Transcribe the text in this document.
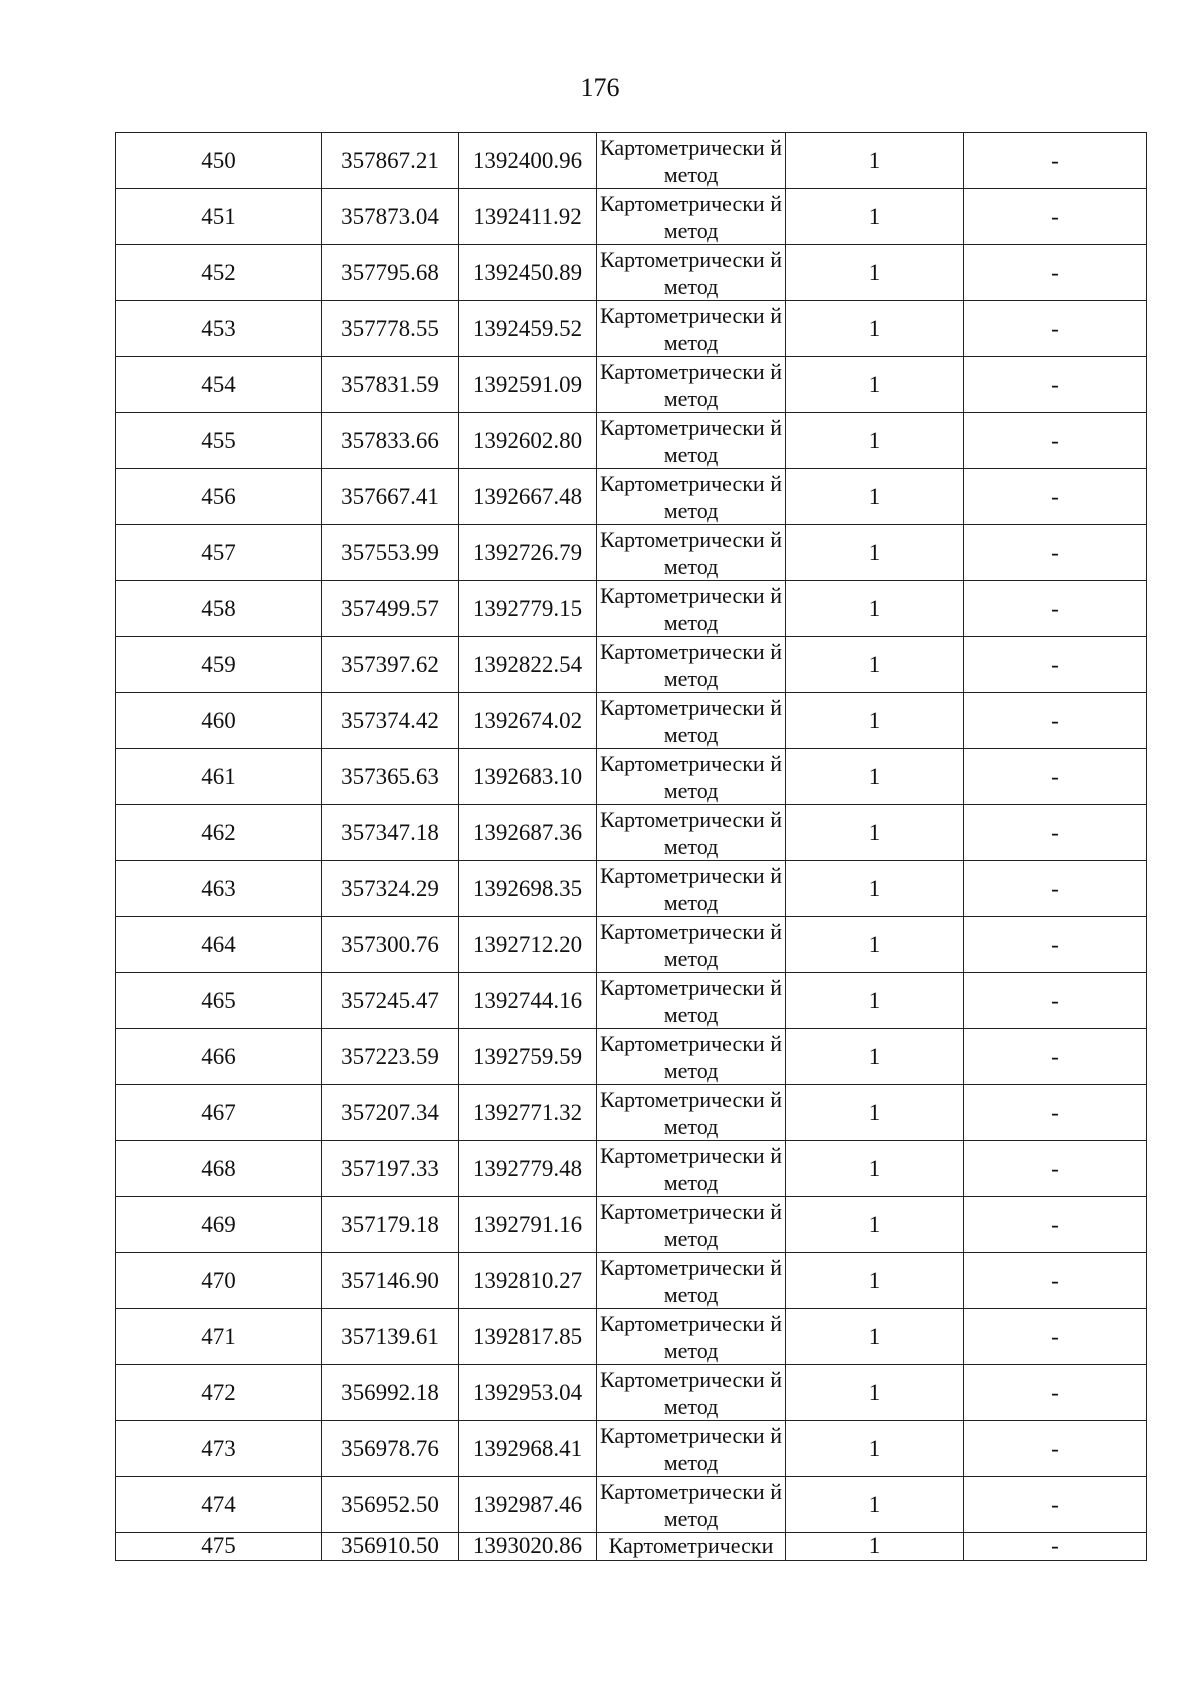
176
450	357867.21	1392400.96	Картометрически й метод	1	-
451	357873.04	1392411.92	Картометрически й метод	1	-
452	357795.68	1392450.89	Картометрически й метод	1	-
453	357778.55	1392459.52	Картометрически й метод	1	-
454	357831.59	1392591.09	Картометрически й метод	1	-
455	357833.66	1392602.80	Картометрически й метод	1	-
456	357667.41	1392667.48	Картометрически й метод	1	-
457	357553.99	1392726.79	Картометрически й метод	1	-
458	357499.57	1392779.15	Картометрически й метод	1	-
459	357397.62	1392822.54	Картометрически й метод	1	-
460	357374.42	1392674.02	Картометрически й метод	1	-
461	357365.63	1392683.10	Картометрически й метод	1	-
462	357347.18	1392687.36	Картометрически й метод	1	-
463	357324.29	1392698.35	Картометрически й метод	1	-
464	357300.76	1392712.20	Картометрически й метод	1	-
465	357245.47	1392744.16	Картометрически й метод	1	-
466	357223.59	1392759.59	Картометрически й метод	1	-
467	357207.34	1392771.32	Картометрически й метод	1	-
468	357197.33	1392779.48	Картометрически й метод	1	-
469	357179.18	1392791.16	Картометрически й метод	1	-
470	357146.90	1392810.27	Картометрически й метод	1	-
471	357139.61	1392817.85	Картометрически й метод	1	-
472	356992.18	1392953.04	Картометрически й метод	1	-
473	356978.76	1392968.41	Картометрически й метод	1	-
474	356952.50	1392987.46	Картометрически й метод	1	-
475	356910.50	1393020.86	Картометрически	1	-
